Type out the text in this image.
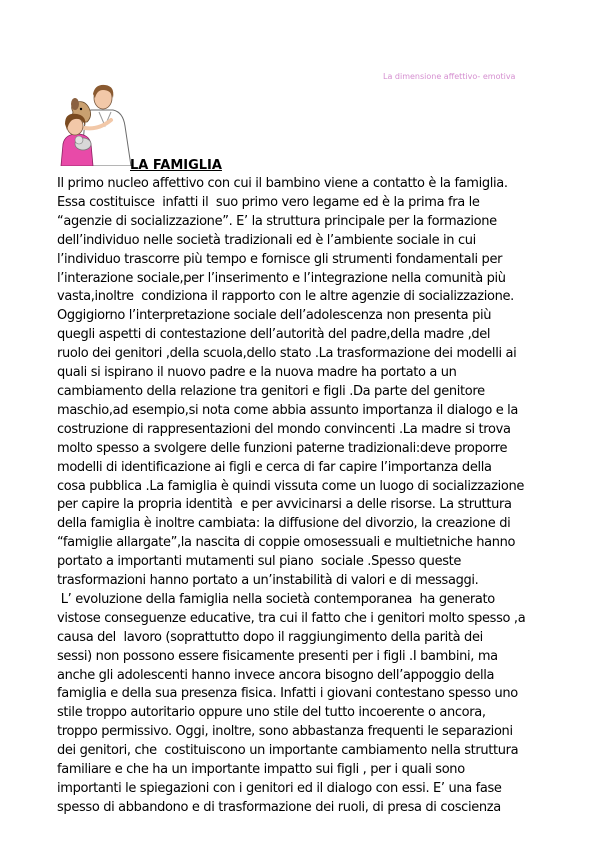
La dimensione affettivo- emotiva
LA FAMIGLIA
Il primo nucleo affettivo con cui il bambino viene a contatto è la famiglia.
Essa costituisce  infatti il  suo primo vero legame ed è la prima fra le
“agenzie di socializzazione”. E’ la struttura principale per la formazione
dell’individuo nelle società tradizionali ed è l’ambiente sociale in cui
l’individuo trascorre più tempo e fornisce gli strumenti fondamentali per
l’interazione sociale,per l’inserimento e l’integrazione nella comunità più
vasta,inoltre  condiziona il rapporto con le altre agenzie di socializzazione.
Oggigiorno l’interpretazione sociale dell’adolescenza non presenta più
quegli aspetti di contestazione dell’autorità del padre,della madre ,del
ruolo dei genitori ,della scuola,dello stato .La trasformazione dei modelli ai
quali si ispirano il nuovo padre e la nuova madre ha portato a un
cambiamento della relazione tra genitori e figli .Da parte del genitore
maschio,ad esempio,si nota come abbia assunto importanza il dialogo e la
costruzione di rappresentazioni del mondo convincenti .La madre si trova
molto spesso a svolgere delle funzioni paterne tradizionali:deve proporre
modelli di identificazione ai figli e cerca di far capire l’importanza della
cosa pubblica .La famiglia è quindi vissuta come un luogo di socializzazione
per capire la propria identità  e per avvicinarsi a delle risorse. La struttura
della famiglia è inoltre cambiata: la diffusione del divorzio, la creazione di
“famiglie allargate”,la nascita di coppie omosessuali e multietniche hanno
portato a importanti mutamenti sul piano  sociale .Spesso queste
trasformazioni hanno portato a un’instabilità di valori e di messaggi.
L’ evoluzione della famiglia nella società contemporanea  ha generato
vistose conseguenze educative, tra cui il fatto che i genitori molto spesso ,a
causa del  lavoro (soprattutto dopo il raggiungimento della parità dei
sessi) non possono essere fisicamente presenti per i figli .I bambini, ma
anche gli adolescenti hanno invece ancora bisogno dell’appoggio della
famiglia e della sua presenza fisica. Infatti i giovani contestano spesso uno
stile troppo autoritario oppure uno stile del tutto incoerente o ancora,
troppo permissivo. Oggi, inoltre, sono abbastanza frequenti le separazioni
dei genitori, che  costituiscono un importante cambiamento nella struttura
familiare e che ha un importante impatto sui figli , per i quali sono
importanti le spiegazioni con i genitori ed il dialogo con essi. E’ una fase
spesso di abbandono e di trasformazione dei ruoli, di presa di coscienza
